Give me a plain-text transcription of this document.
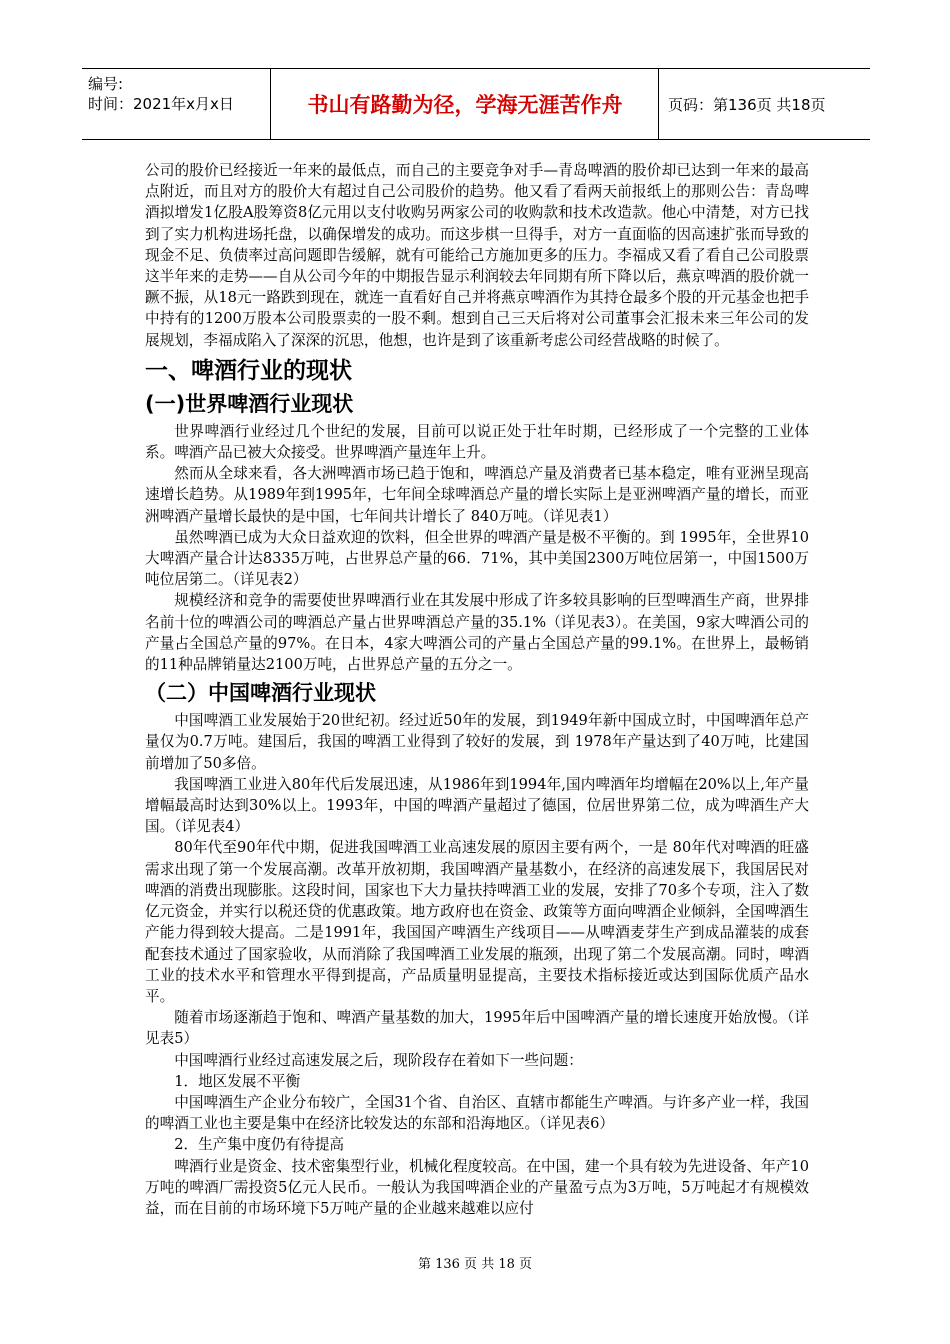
编号:
时间：2021年x月x日	书山有路勤为径，学海无涯苦作舟	页码：第136页 共18页

公司的股价已经接近一年来的最低点，而自己的主要竞争对手—青岛啤酒的股价却已达到一年来的最高点附近，而且对方的股价大有超过自己公司股价的趋势。他又看了看两天前报纸上的那则公告：青岛啤酒拟增发1亿股A股筹资8亿元用以支付收购另两家公司的收购款和技术改造款。他心中清楚，对方已找到了实力机构进场托盘，以确保增发的成功。而这步棋一旦得手，对方一直面临的因高速扩张而导致的现金不足、负债率过高问题即告缓解，就有可能给己方施加更多的压力。李福成又看了看自己公司股票这半年来的走势——自从公司今年的中期报告显示利润较去年同期有所下降以后，燕京啤酒的股价就一蹶不振，从18元一路跌到现在，就连一直看好自己并将燕京啤酒作为其持仓最多个股的开元基金也把手中持有的1200万股本公司股票卖的一股不剩。想到自己三天后将对公司董事会汇报未来三年公司的发展规划，李福成陷入了深深的沉思，他想，也许是到了该重新考虑公司经营战略的时候了。

一、啤酒行业的现状
(一)世界啤酒行业现状

世界啤酒行业经过几个世纪的发展，目前可以说正处于壮年时期，已经形成了一个完整的工业体系。啤酒产品已被大众接受。世界啤酒产量连年上升。

然而从全球来看，各大洲啤酒市场已趋于饱和，啤酒总产量及消费者已基本稳定，唯有亚洲呈现高速增长趋势。从1989年到1995年，七年间全球啤酒总产量的增长实际上是亚洲啤酒产量的增长，而亚洲啤酒产量增长最快的是中国，七年间共计增长了 840万吨。（详见表1）

虽然啤酒已成为大众日益欢迎的饮料，但全世界的啤酒产量是极不平衡的。到 1995年，全世界10大啤酒产量合计达8335万吨，占世界总产量的66．71%，其中美国2300万吨位居第一，中国1500万吨位居第二。（详见表2）

规模经济和竞争的需要使世界啤酒行业在其发展中形成了许多较具影响的巨型啤酒生产商，世界排名前十位的啤酒公司的啤酒总产量占世界啤酒总产量的35.1%（详见表3）。在美国，9家大啤酒公司的产量占全国总产量的97%。在日本，4家大啤酒公司的产量占全国总产量的99.1%。在世界上，最畅销的11种品牌销量达2100万吨，占世界总产量的五分之一。

（二）中国啤酒行业现状

中国啤酒工业发展始于20世纪初。经过近50年的发展，到1949年新中国成立时，中国啤酒年总产量仅为0.7万吨。建国后，我国的啤酒工业得到了较好的发展，到 1978年产量达到了40万吨，比建国前增加了50多倍。

我国啤酒工业进入80年代后发展迅速，从1986年到1994年,国内啤酒年均增幅在20%以上,年产量增幅最高时达到30%以上。1993年，中国的啤酒产量超过了德国，位居世界第二位，成为啤酒生产大国。（详见表4）

80年代至90年代中期，促进我国啤酒工业高速发展的原因主要有两个，一是 80年代对啤酒的旺盛需求出现了第一个发展高潮。改革开放初期，我国啤酒产量基数小，在经济的高速发展下，我国居民对啤酒的消费出现膨胀。这段时间，国家也下大力量扶持啤酒工业的发展，安排了70多个专项，注入了数亿元资金，并实行以税还贷的优惠政策。地方政府也在资金、政策等方面向啤酒企业倾斜，全国啤酒生产能力得到较大提高。二是1991年，我国国产啤酒生产线项目——从啤酒麦芽生产到成品灌装的成套配套技术通过了国家验收，从而消除了我国啤酒工业发展的瓶颈，出现了第二个发展高潮。同时，啤酒工业的技术水平和管理水平得到提高，产品质量明显提高，主要技术指标接近或达到国际优质产品水平。

随着市场逐渐趋于饱和、啤酒产量基数的加大，1995年后中国啤酒产量的增长速度开始放慢。（详见表5）

中国啤酒行业经过高速发展之后，现阶段存在着如下一些问题：

1．地区发展不平衡

中国啤酒生产企业分布较广，全国31个省、自治区、直辖市都能生产啤酒。与许多产业一样，我国的啤酒工业也主要是集中在经济比较发达的东部和沿海地区。（详见表6）

2．生产集中度仍有待提高

啤酒行业是资金、技术密集型行业，机械化程度较高。在中国，建一个具有较为先进设备、年产10万吨的啤酒厂需投资5亿元人民币。一般认为我国啤酒企业的产量盈亏点为3万吨，5万吨起才有规模效益，而在目前的市场环境下5万吨产量的企业越来越难以应付

第 136 页 共 18 页
